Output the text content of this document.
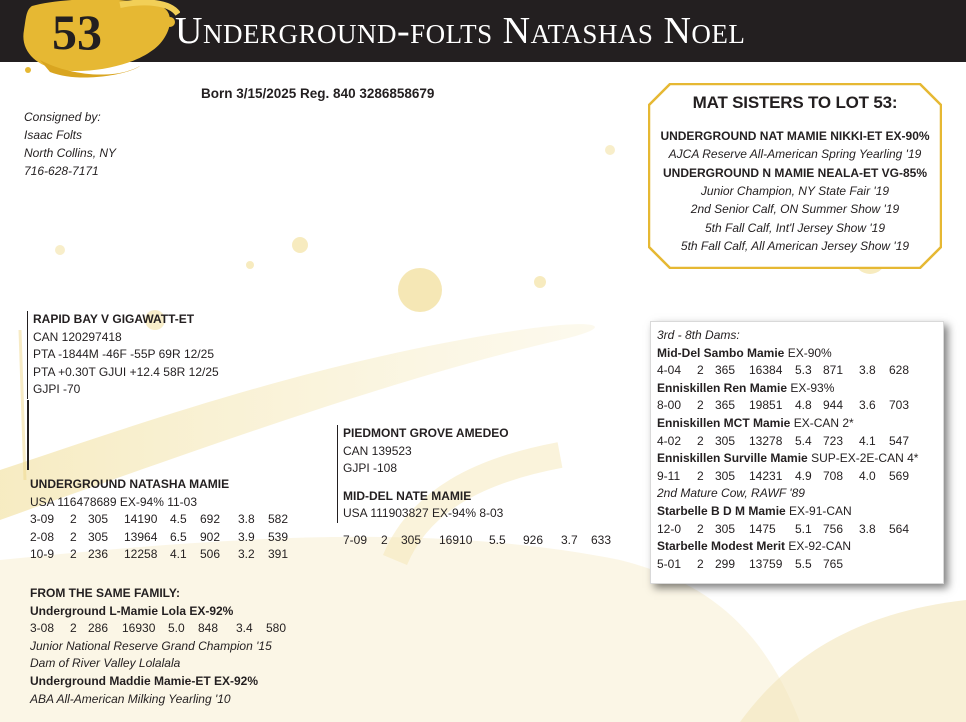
53 Underground-folts Natashas Noel
Born 3/15/2025 Reg. 840 3286858679
Consigned by:
Isaac Folts
North Collins, NY
716-628-7171
MAT SISTERS TO LOT 53:
UNDERGROUND NAT MAMIE NIKKI-ET EX-90%
AJCA Reserve All-American Spring Yearling '19
UNDERGROUND N MAMIE NEALA-ET VG-85%
Junior Champion, NY State Fair '19
2nd Senior Calf, ON Summer Show '19
5th Fall Calf, Int'l Jersey Show '19
5th Fall Calf, All American Jersey Show '19
RAPID BAY V GIGAWATT-ET
CAN 120297418
PTA -1844M -46F -55P 69R 12/25
PTA +0.30T GJUI +12.4 58R 12/25
GJPI -70
UNDERGROUND NATASHA MAMIE
USA 116478689 EX-94% 11-03
3-09	2 305	14190	4.5	692	3.8	582
2-08	2 305	13964	6.5	902	3.9	539
10-9	2 236	12258	4.1	506	3.2	391
PIEDMONT GROVE AMEDEO
CAN 139523
GJPI -108
MID-DEL NATE MAMIE
USA 111903827 EX-94% 8-03
7-09	2	305	16910	5.5	926	3.7	633
3rd - 8th Dams:
Mid-Del Sambo Mamie EX-90%
4-04	2 365	16384	5.3 871	3.8	628
Enniskillen Ren Mamie EX-93%
8-00	2 365	19851	4.8 944	3.6	703
Enniskillen MCT Mamie EX-CAN 2*
4-02	2 305	13278	5.4 723	4.1	547
Enniskillen Surville Mamie SUP-EX-2E-CAN 4*
9-11	2 305	14231	4.9 708	4.0	569
2nd Mature Cow, RAWF '89
Starbelle B D M Mamie EX-91-CAN
12-0	2 305	1475	5.1 756	3.8	564
Starbelle Modest Merit EX-92-CAN
5-01	2 299	13759	5.5 765
FROM THE SAME FAMILY:
Underground L-Mamie Lola EX-92%
3-08	2 286	16930	5.0	848	3.4	580
Junior National Reserve Grand Champion '15
Dam of River Valley Lolalala
Underground Maddie Mamie-ET EX-92%
ABA All-American Milking Yearling '10
